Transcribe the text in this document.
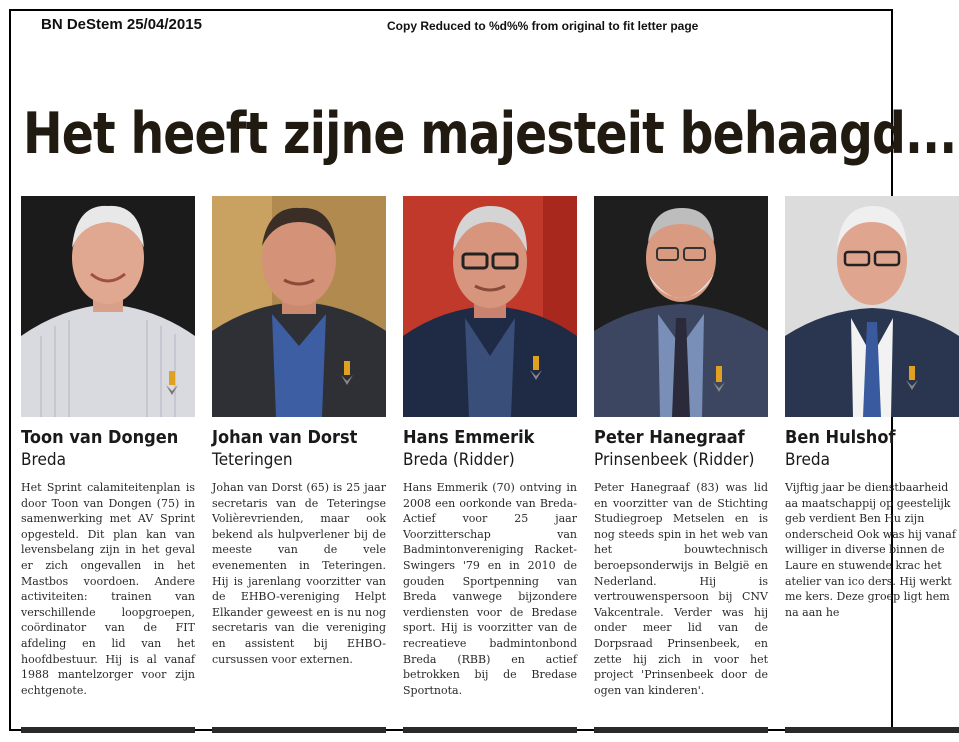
BN DeStem 25/04/2015	Copy Reduced to %d%% from original to fit letter page
Het heeft zijne majesteit behaagd...
Toon van Dongen
Breda
Het Sprint calamiteitenplan is door Toon van Dongen (75) in samenwerking met AV Sprint opgesteld. Dit plan kan van levensbelang zijn in het geval er zich ongevallen in het Mastbos voordoen. Andere activiteiten: trainen van verschillende loopgroepen, coördinator van de FIT afdeling en lid van het hoofdbestuur. Hij is al vanaf 1988 mantelzorger voor zijn echtgenote.
Johan van Dorst
Teteringen
Johan van Dorst (65) is 25 jaar secretaris van de Teteringse Volièrevrienden, maar ook bekend als hulpverlener bij de meeste van de vele evenementen in Teteringen. Hij is jarenlang voorzitter van de EHBO-vereniging Helpt Elkander geweest en is nu nog secretaris van die vereniging en assistent bij EHBO-cursussen voor externen.
Hans Emmerik
Breda (Ridder)
Hans Emmerik (70) ontving in 2008 een oorkonde van Breda-Actief voor 25 jaar Voorzitterschap van Badmintonvereniging Racket-Swingers '79 en in 2010 de gouden Sportpenning van Breda vanwege bijzondere verdiensten voor de Bredase sport. Hij is voorzitter van de recreatieve badmintonbond Breda (RBB) en actief betrokken bij de Bredase Sportnota.
Peter Hanegraaf
Prinsenbeek (Ridder)
Peter Hanegraaf (83) was lid en voorzitter van de Stichting Studiegroep Metselen en is nog steeds spin in het web van het bouwtechnisch beroepsonderwijs in België en Nederland. Hij is vertrouwenspersoon bij CNV Vakcentrale. Verder was hij onder meer lid van de Dorpsraad Prinsenbeek, en zette hij zich in voor het project 'Prinsenbeek door de ogen van kinderen'.
Ben Hulshof
Breda
Vijftig jaar be dienstbaarheid aa maatschappij op geestelijk geb verdient Ben Hu zijn onderscheid Ook was hij vanaf williger in diverse binnen de Laure en stuwende krac het atelier van ico ders. Hij werkt me kers. Deze groep ligt hem na aan he
